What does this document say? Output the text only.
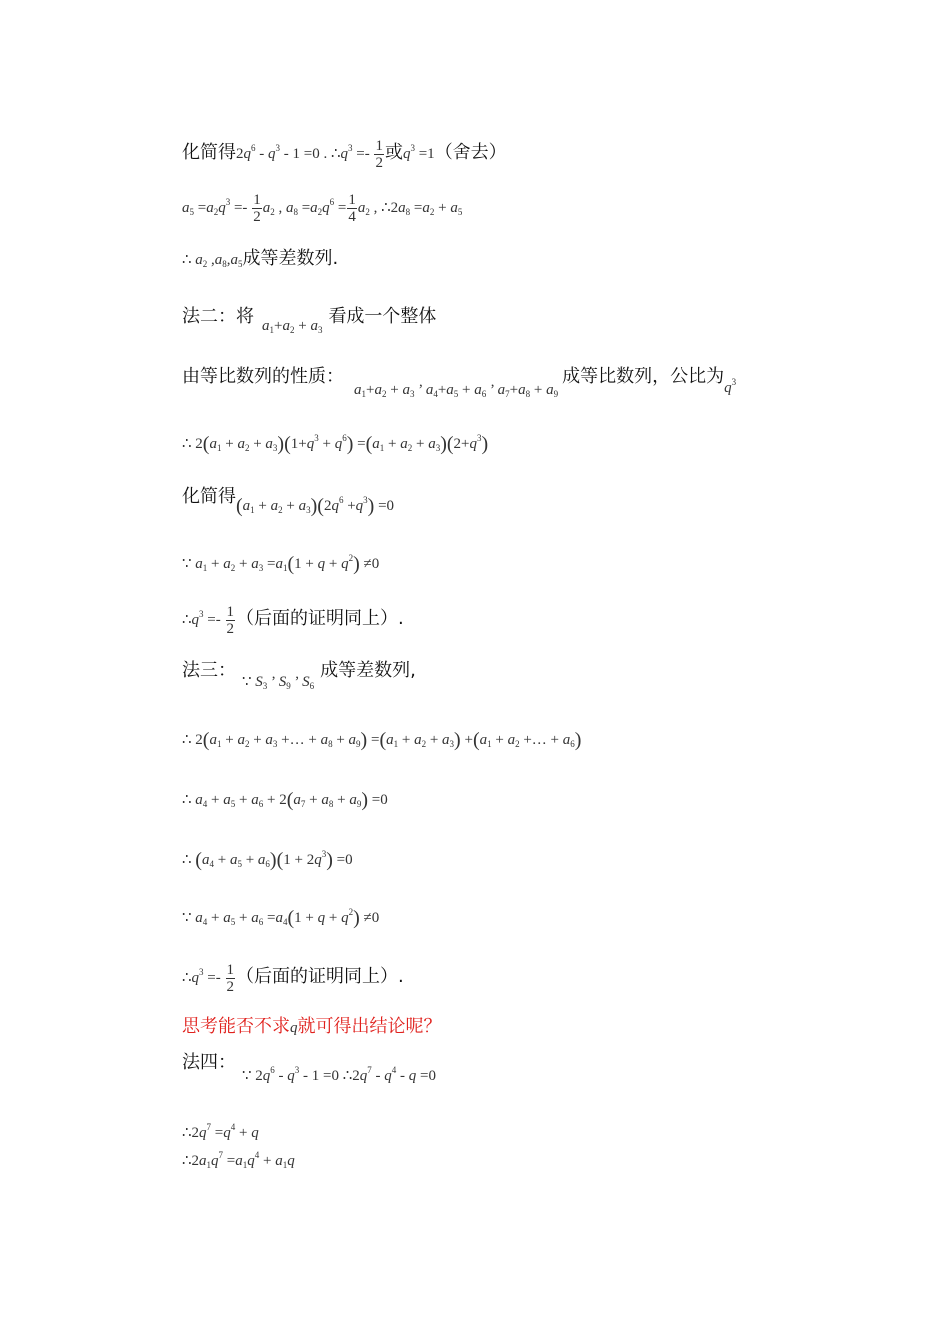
化简得$2q^6 - q^3 - 1 =0$ . $\therefore q^3 =- \frac{1}{2}$ 或$q^3 =1$（舍去）
$a_5 =a_2q^3 =- \frac{1}{2} a_2$ , $a_8 =a_2q^6 = \frac{1}{4} a_2$ , $\therefore 2a_8 =a_2 + a_5$
∴ $a_2$ $,a_8,a_5$成等差数列.
法二：将 $a_1+a_2 + a_3$看成一个整体
由等比数列的性质：$a_1+a_2 + a_3$ ’ $a_4+a_5 + a_6$ ’ $a_7+a_8 + a_9$成等比数列，公比为$q^3$
∴ $2(a_1 + a_2 + a_3)(1+q^3 + q^6) =(a_1 + a_2 + a_3)(2+q^3)$
化简得$(a_1 + a_2 + a_3)(2q^6 +q^3) =0$
∵ $a_1 + a_2 + a_3 =a_1(1 + q + q^2) \ne 0$
$\therefore q^3 =- \frac{1}{2}$ （后面的证明同上）.
法三：∵ $S_3$ ’ $S_9$ ’ $S_6$成等差数列,
∴ $2(a_1 + a_2 + a_3$ +… + $a_8 + a_9) =(a_1 + a_2 + a_3) +(a_1 + a_2$ +… + $a_6$)
∴ $a_4 + a_5 + a_6 + 2(a_7 + a_8 + a_9) =0$
∴ $(a_4 + a_5 + a_6)(1 + 2q^3) =0$
∵ $a_4 + a_5 + a_6 =a_4(1 + q + q^2) \ne 0$
$\therefore q^3 =- \frac{1}{2}$ （后面的证明同上）.
思考能否不求q就可得出结论呢？
法四：∵ $2q^6 - q^3 - 1 =0$ $\therefore 2q^7 - q^4 - q =0$
$\therefore 2q^7 =q^4 + q$
$\therefore 2a_1q^7 =a_1q^4 + a_1q$
